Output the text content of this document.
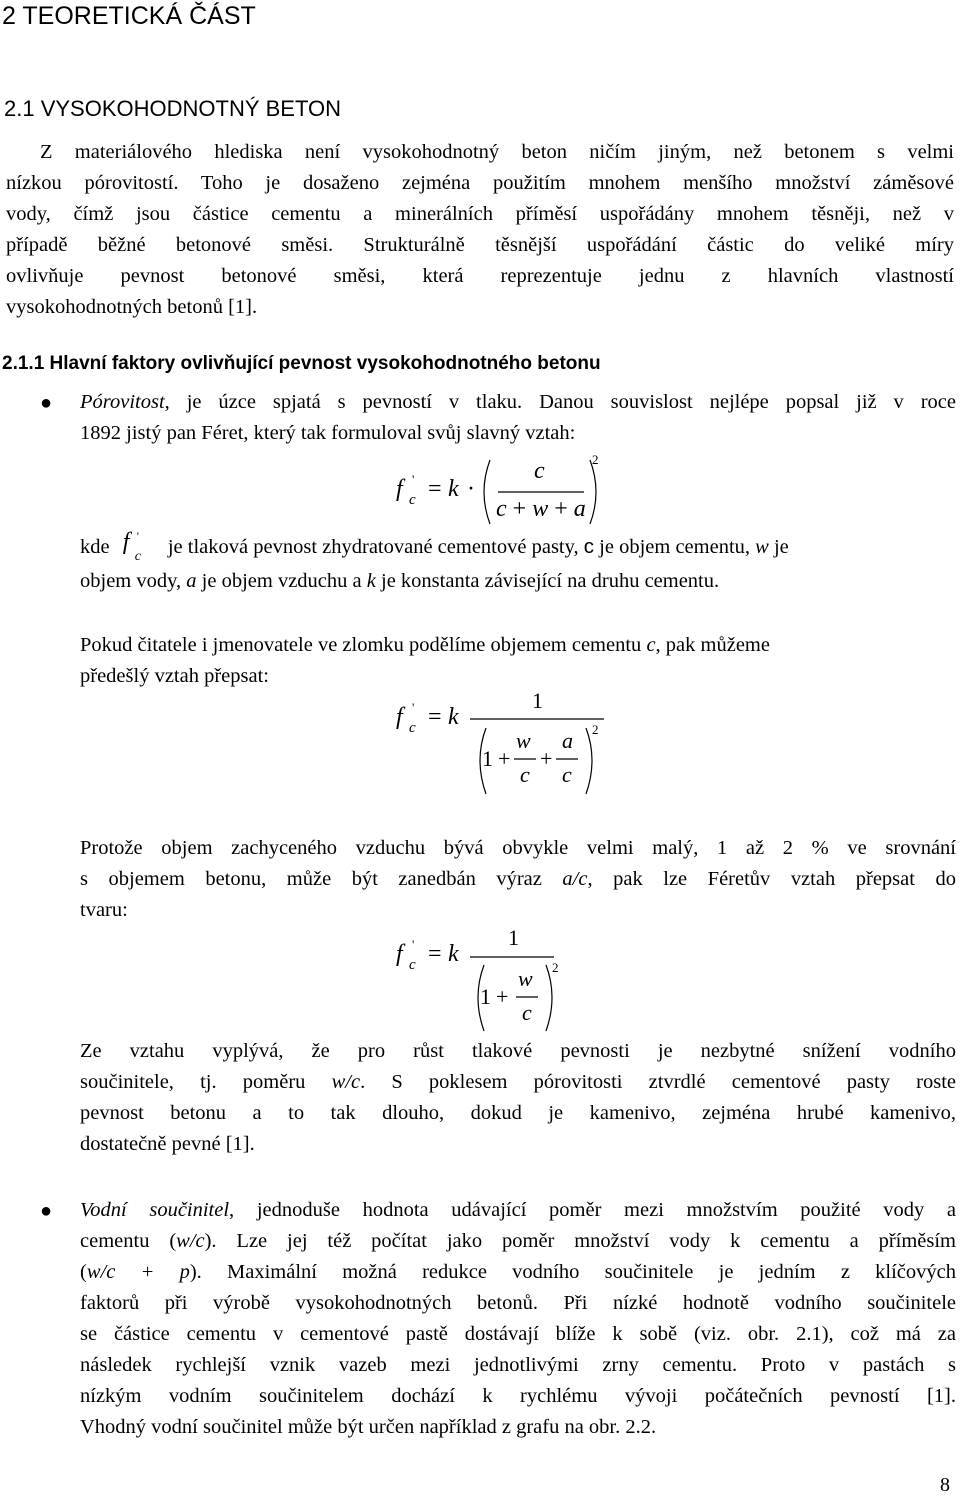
2 TEORETICKÁ ČÁST
2.1 VYSOKOHODNOTNÝ BETON
Z materiálového hlediska není vysokohodnotný beton ničím jiným, než betonem s velmi
nízkou pórovitostí. Toho je dosaženo zejména použitím mnohem menšího množství záměsové
vody, čímž jsou částice cementu a minerálních příměsí uspořádány mnohem těsněji, než v
případě běžné betonové směsi. Strukturálně těsnější uspořádání částic do veliké míry
ovlivňuje pevnost betonové směsi, která reprezentuje jednu z hlavních vlastností
vysokohodnotných betonů [1].
2.1.1 Hlavní faktory ovlivňující pevnost vysokohodnotného betonu
● Pórovitost, je úzce spjatá s pevností v tlaku. Danou souvislost nejlépe popsal již v roce
1892 jistý pan Féret, který tak formuloval svůj slavný vztah:
f '
c = k ·
c
c + w + a
2
kde f '
c je tlaková pevnost zhydratované cementové pasty, c je objem cementu, w je
objem vody, a je objem vzduchu a k je konstanta závisející na druhu cementu.
Pokud čitatele i jmenovatele ve zlomku podělíme objemem cementu c, pak můžeme
předešlý vztah přepsat:
f '
c = k
1
1 +
w
c
+
a
c
2
Protože objem zachyceného vzduchu bývá obvykle velmi malý, 1 až 2 % ve srovnání
s objemem betonu, může být zanedbán výraz a/c, pak lze Féretův vztah přepsat do
tvaru:
f '
c = k
1
1 +
w
c
2
Ze vztahu vyplývá, že pro růst tlakové pevnosti je nezbytné snížení vodního
součinitele, tj. poměru w/c. S poklesem pórovitosti ztvrdlé cementové pasty roste
pevnost betonu a to tak dlouho, dokud je kamenivo, zejména hrubé kamenivo,
dostatečně pevné [1].
● Vodní součinitel, jednoduše hodnota udávající poměr mezi množstvím použité vody a
cementu (w/c). Lze jej též počítat jako poměr množství vody k cementu a příměsím
(w/c + p). Maximální možná redukce vodního součinitele je jedním z klíčových
faktorů při výrobě vysokohodnotných betonů. Při nízké hodnotě vodního součinitele
se částice cementu v cementové pastě dostávají blíže k sobě (viz. obr. 2.1), což má za
následek rychlejší vznik vazeb mezi jednotlivými zrny cementu. Proto v pastách s
nízkým vodním součinitelem dochází k rychlému vývoji počátečních pevností [1].
Vhodný vodní součinitel může být určen například z grafu na obr. 2.2.
8
